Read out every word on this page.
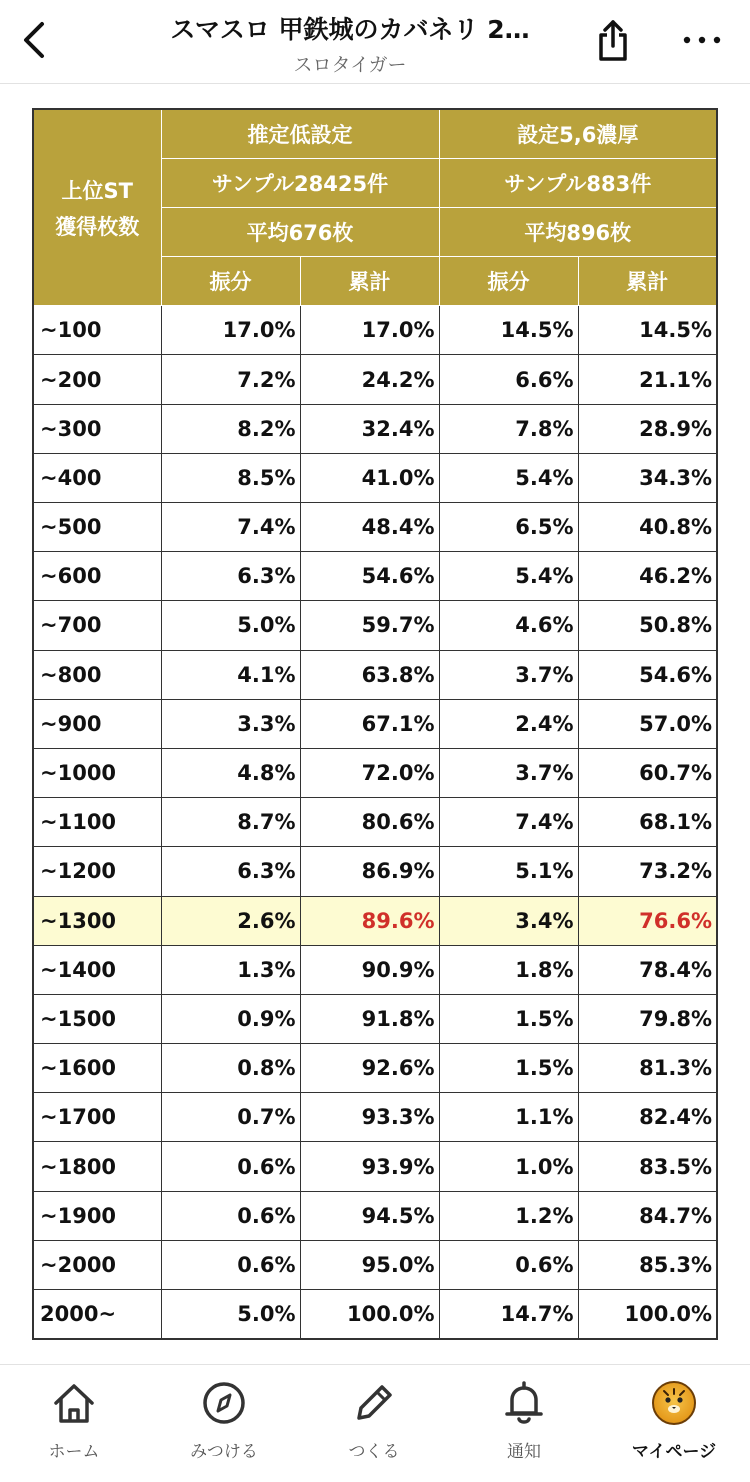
スマスロ 甲鉄城のカバネリ 2…
スロタイガー
上位ST
獲得枚数	推定低設定		設定5,6濃厚	
	サンプル28425件		サンプル883件	
	平均676枚		平均896枚	
	振分	累計	振分	累計
~100	17.0%	17.0%	14.5%	14.5%
~200	7.2%	24.2%	6.6%	21.1%
~300	8.2%	32.4%	7.8%	28.9%
~400	8.5%	41.0%	5.4%	34.3%
~500	7.4%	48.4%	6.5%	40.8%
~600	6.3%	54.6%	5.4%	46.2%
~700	5.0%	59.7%	4.6%	50.8%
~800	4.1%	63.8%	3.7%	54.6%
~900	3.3%	67.1%	2.4%	57.0%
~1000	4.8%	72.0%	3.7%	60.7%
~1100	8.7%	80.6%	7.4%	68.1%
~1200	6.3%	86.9%	5.1%	73.2%
~1300	2.6%	89.6%	3.4%	76.6%
~1400	1.3%	90.9%	1.8%	78.4%
~1500	0.9%	91.8%	1.5%	79.8%
~1600	0.8%	92.6%	1.5%	81.3%
~1700	0.7%	93.3%	1.1%	82.4%
~1800	0.6%	93.9%	1.0%	83.5%
~1900	0.6%	94.5%	1.2%	84.7%
~2000	0.6%	95.0%	0.6%	85.3%
2000~	5.0%	100.0%	14.7%	100.0%
ホーム	みつける	つくる	通知	マイページ
